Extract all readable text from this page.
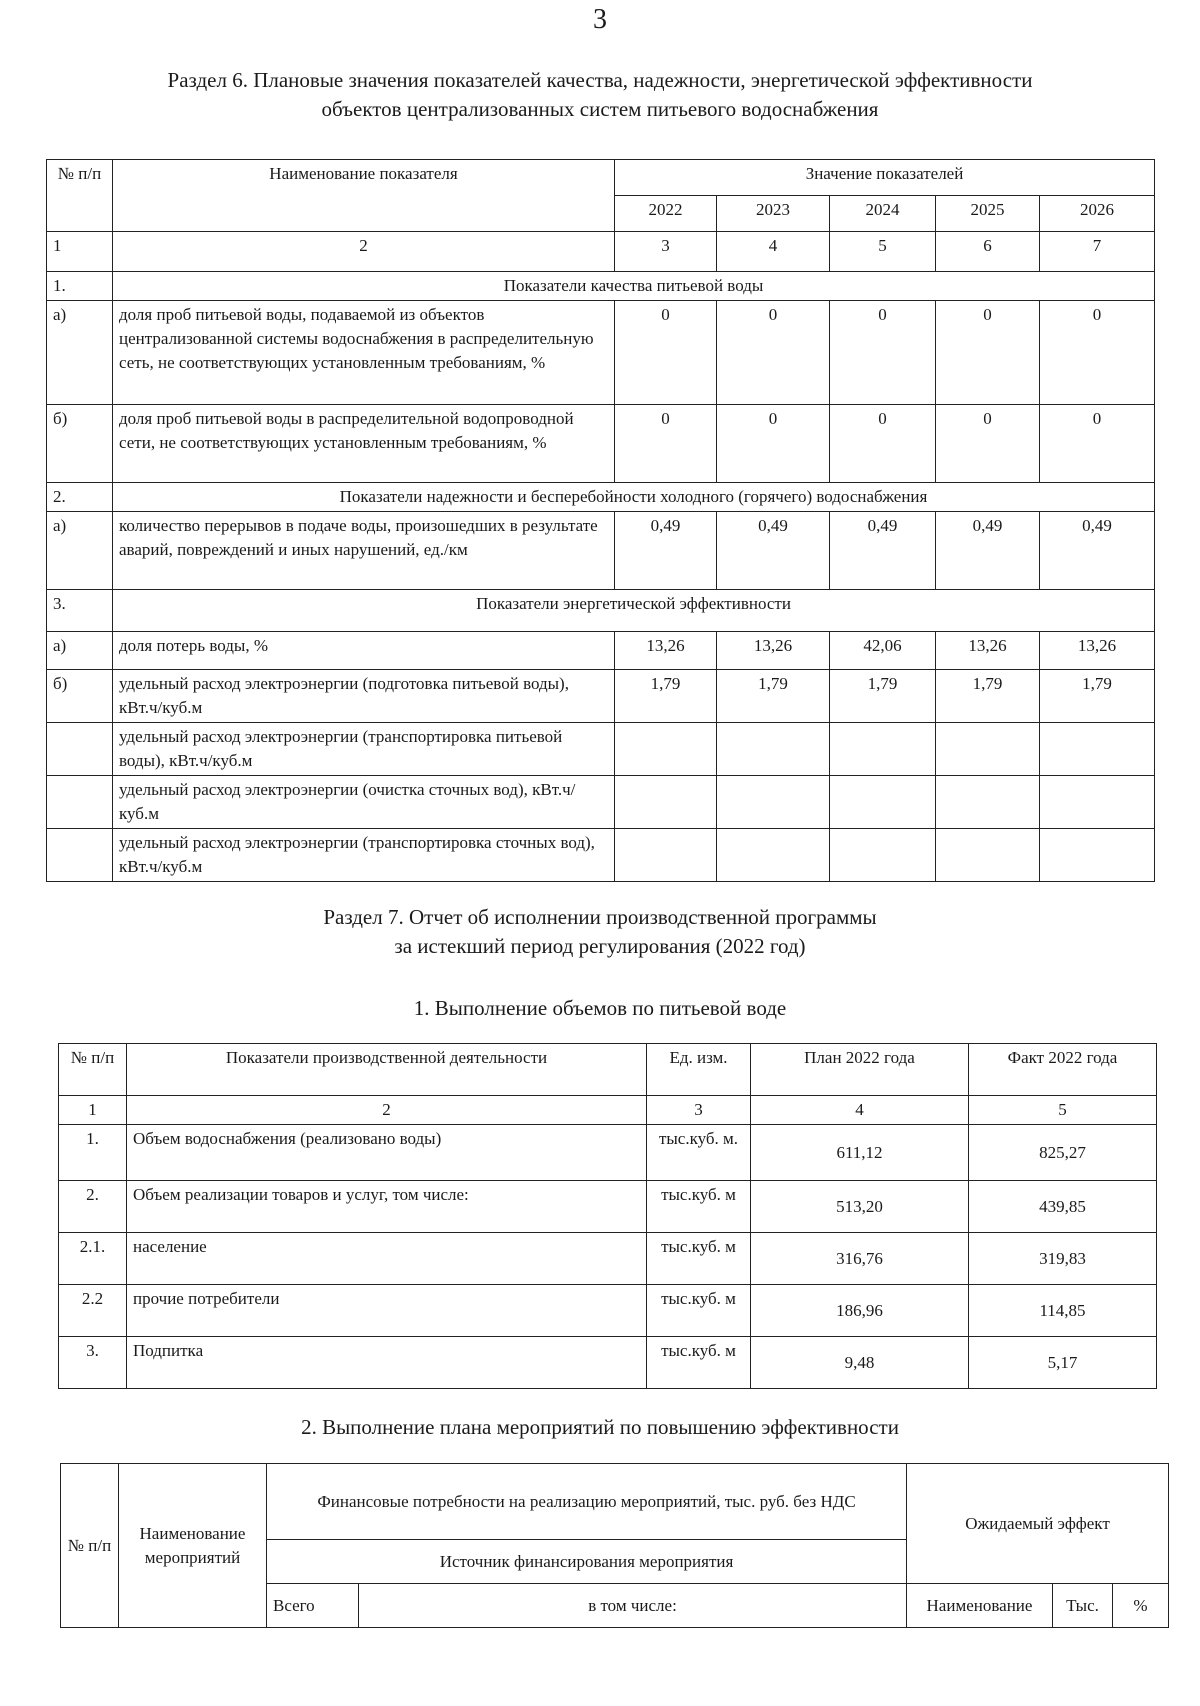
3
Раздел 6. Плановые значения показателей качества, надежности, энергетической эффективности
объектов централизованных систем питьевого водоснабжения
№ п/п	Наименование показателя	Значение показателей				
		2022	2023	2024	2025	2026
1	2	3	4	5	6	7
1.	Показатели качества питьевой воды					
а)	доля проб питьевой воды, подаваемой из объектов централизованной системы водоснабжения в распределительную сеть, не соответствующих установленным требованиям, %	0	0	0	0	0
б)	доля проб питьевой воды в распределительной водопроводной сети, не соответствующих установленным требованиям, %	0	0	0	0	0
2.	Показатели надежности и бесперебойности холодного (горячего) водоснабжения					
а)	количество перерывов в подаче воды, произошедших в результате аварий, повреждений и иных нарушений, ед./км	0,49	0,49	0,49	0,49	0,49
3.	Показатели энергетической эффективности					
а)	доля потерь воды, %	13,26	13,26	42,06	13,26	13,26
б)	удельный расход электроэнергии (подготовка питьевой воды), кВт.ч/куб.м	1,79	1,79	1,79	1,79	1,79
	удельный расход электроэнергии (транспортировка питьевой воды), кВт.ч/куб.м					
	удельный расход электроэнергии (очистка сточных вод), кВт.ч/куб.м					
	удельный расход электроэнергии (транспортировка сточных вод), кВт.ч/куб.м					
Раздел 7. Отчет об исполнении производственной программы
за истекший период регулирования (2022 год)
1. Выполнение объемов по питьевой воде
№ п/п	Показатели производственной деятельности	Ед. изм.	План 2022 года	Факт 2022 года
1	2	3	4	5
1.	Объем водоснабжения (реализовано воды)	тыс.куб. м.	611,12	825,27
2.	Объем реализации товаров и услуг, том числе:	тыс.куб. м	513,20	439,85
2.1.	население	тыс.куб. м	316,76	319,83
2.2	прочие потребители	тыс.куб. м	186,96	114,85
3.	Подпитка	тыс.куб. м	9,48	5,17
2. Выполнение плана мероприятий по повышению эффективности
№ п/п	Наименование мероприятий	Финансовые потребности на реализацию мероприятий, тыс. руб. без НДС		Ожидаемый эффект		
		Источник финансирования мероприятия				
		Всего	в том числе:	Наименование	Тыс.	%
